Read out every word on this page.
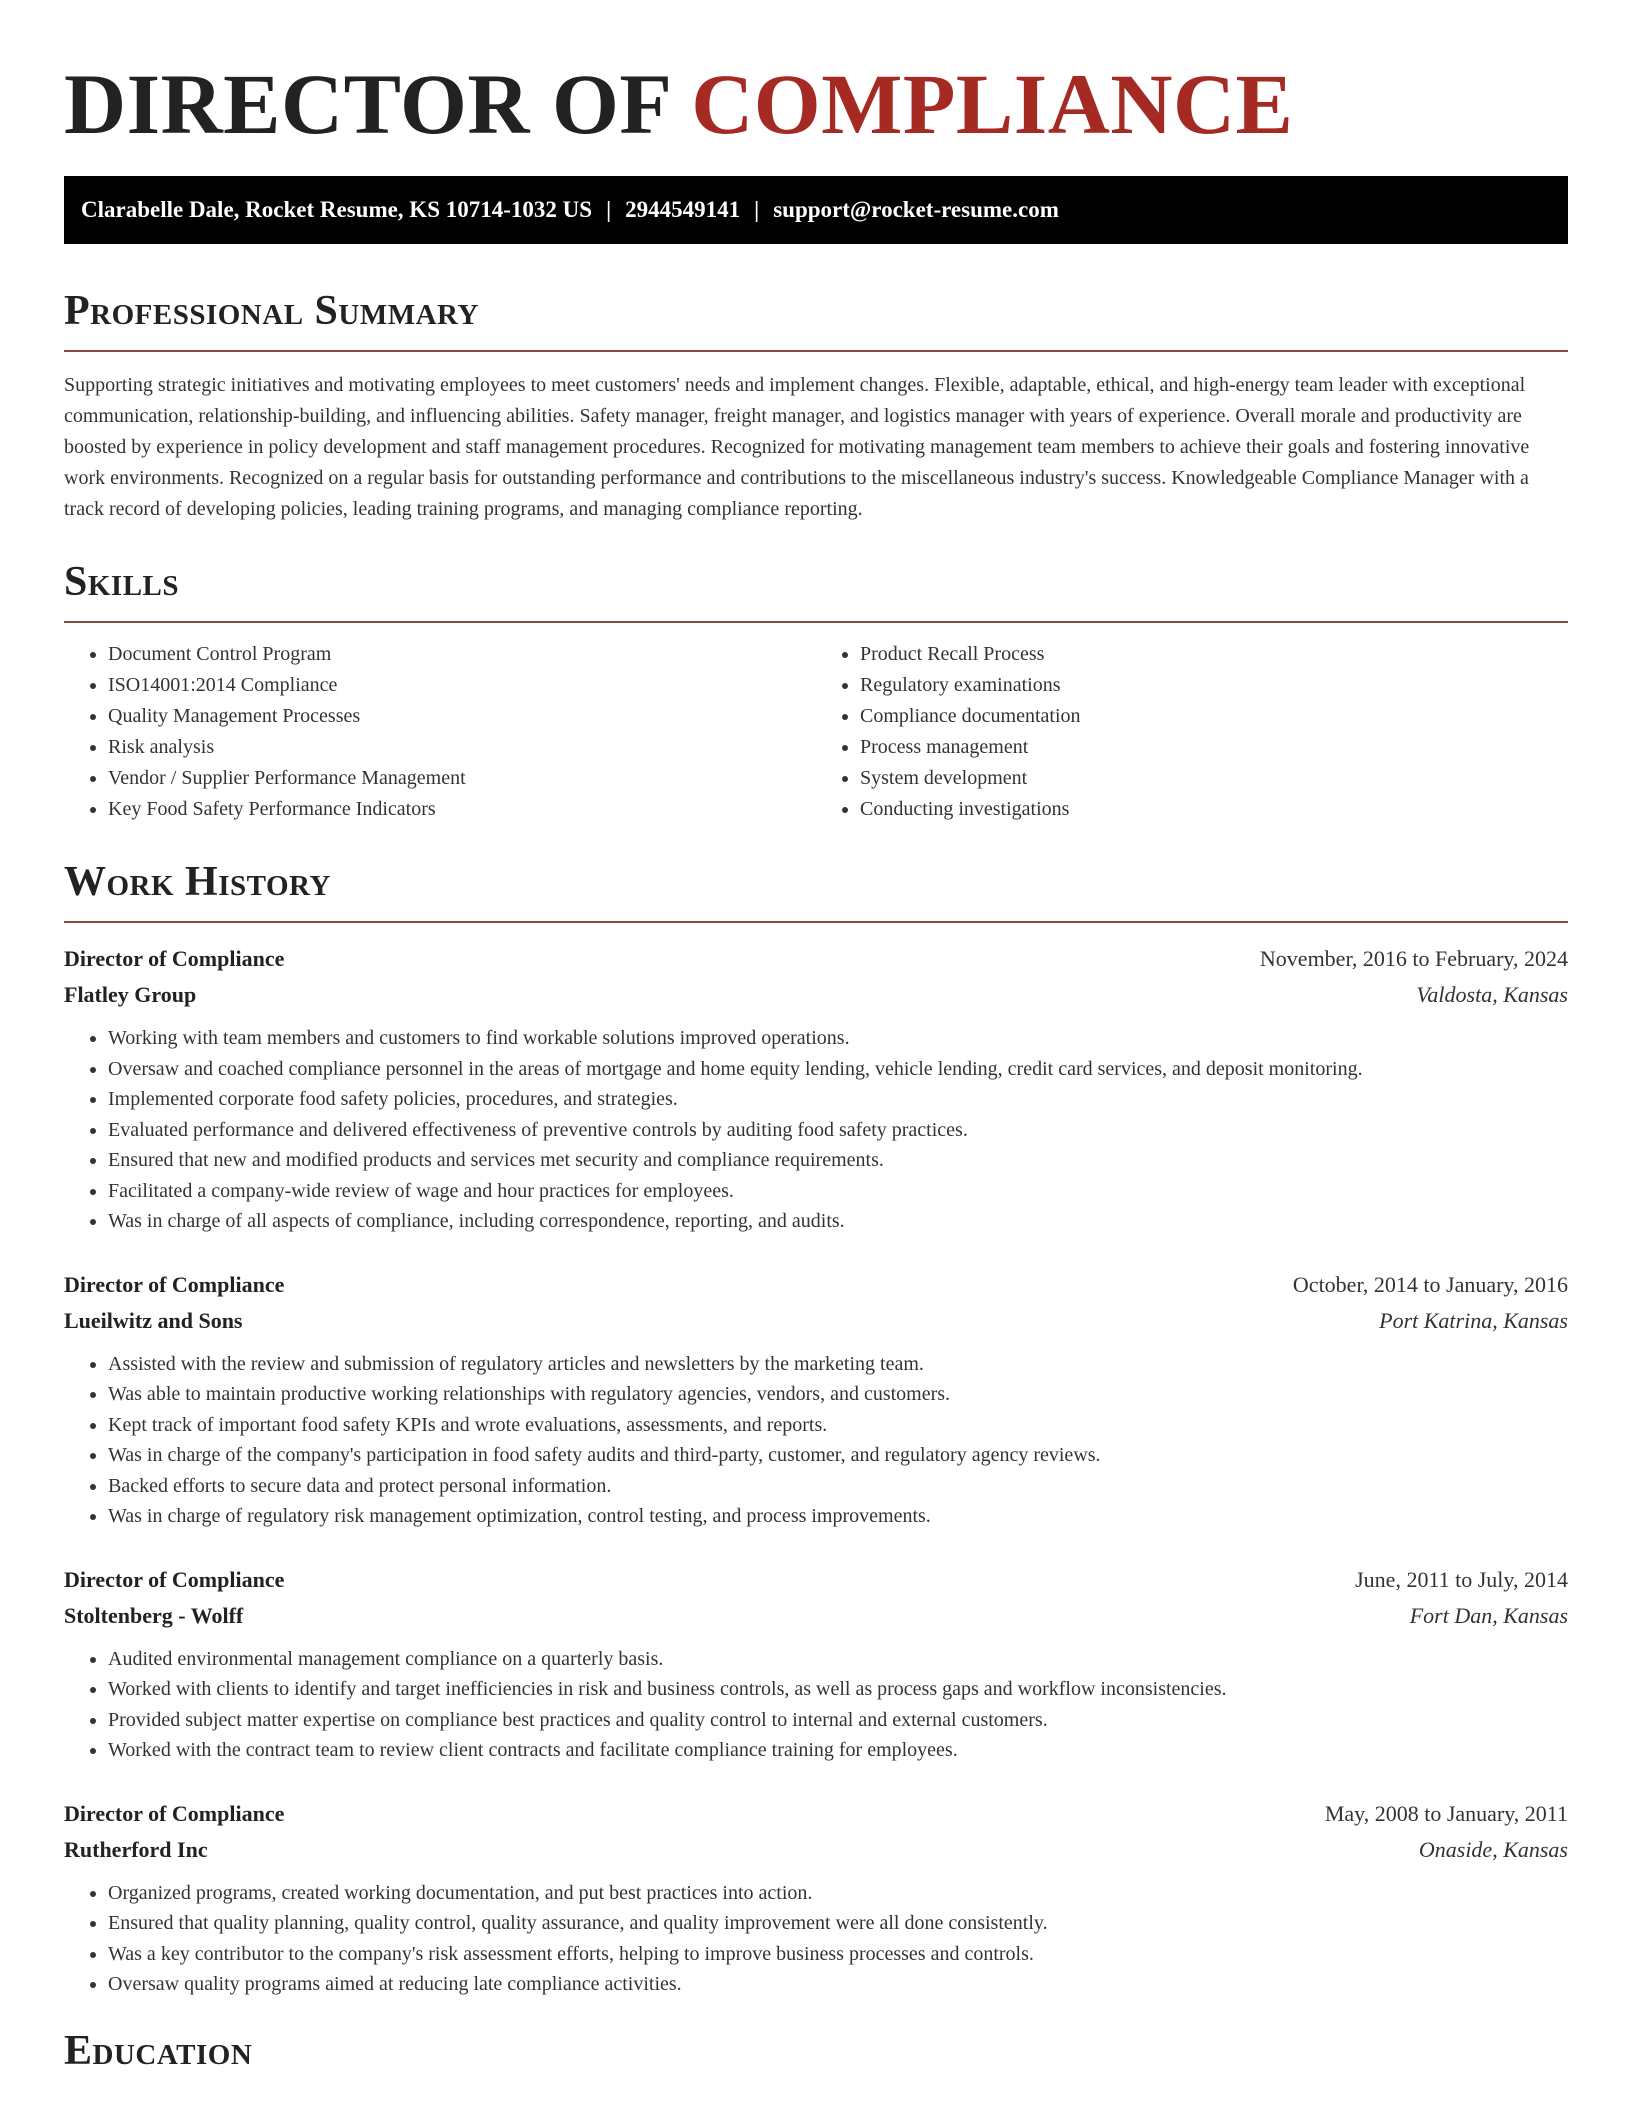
DIRECTOR OF COMPLIANCE
Clarabelle Dale, Rocket Resume, KS 10714-1032 US | 2944549141 | support@rocket-resume.com
Professional Summary

Supporting strategic initiatives and motivating employees to meet customers' needs and implement changes. Flexible, adaptable, ethical, and high-energy team leader with exceptional communication, relationship-building, and influencing abilities. Safety manager, freight manager, and logistics manager with years of experience. Overall morale and productivity are boosted by experience in policy development and staff management procedures. Recognized for motivating management team members to achieve their goals and fostering innovative work environments. Recognized on a regular basis for outstanding performance and contributions to the miscellaneous industry's success. Knowledgeable Compliance Manager with a track record of developing policies, leading training programs, and managing compliance reporting.

Skills
• Document Control Program
• ISO14001:2014 Compliance
• Quality Management Processes
• Risk analysis
• Vendor / Supplier Performance Management
• Key Food Safety Performance Indicators
• Product Recall Process
• Regulatory examinations
• Compliance documentation
• Process management
• System development
• Conducting investigations
Work History
Director of Compliance	November, 2016 to February, 2024
Flatley Group	Valdosta, Kansas
• Working with team members and customers to find workable solutions improved operations.
• Oversaw and coached compliance personnel in the areas of mortgage and home equity lending, vehicle lending, credit card services, and deposit monitoring.
• Implemented corporate food safety policies, procedures, and strategies.
• Evaluated performance and delivered effectiveness of preventive controls by auditing food safety practices.
• Ensured that new and modified products and services met security and compliance requirements.
• Facilitated a company-wide review of wage and hour practices for employees.
• Was in charge of all aspects of compliance, including correspondence, reporting, and audits.
Director of Compliance	October, 2014 to January, 2016
Lueilwitz and Sons	Port Katrina, Kansas
• Assisted with the review and submission of regulatory articles and newsletters by the marketing team.
• Was able to maintain productive working relationships with regulatory agencies, vendors, and customers.
• Kept track of important food safety KPIs and wrote evaluations, assessments, and reports.
• Was in charge of the company's participation in food safety audits and third-party, customer, and regulatory agency reviews.
• Backed efforts to secure data and protect personal information.
• Was in charge of regulatory risk management optimization, control testing, and process improvements.
Director of Compliance	June, 2011 to July, 2014
Stoltenberg - Wolff	Fort Dan, Kansas
• Audited environmental management compliance on a quarterly basis.
• Worked with clients to identify and target inefficiencies in risk and business controls, as well as process gaps and workflow inconsistencies.
• Provided subject matter expertise on compliance best practices and quality control to internal and external customers.
• Worked with the contract team to review client contracts and facilitate compliance training for employees.
Director of Compliance	May, 2008 to January, 2011
Rutherford Inc	Onaside, Kansas
• Organized programs, created working documentation, and put best practices into action.
• Ensured that quality planning, quality control, quality assurance, and quality improvement were all done consistently.
• Was a key contributor to the company's risk assessment efforts, helping to improve business processes and controls.
• Oversaw quality programs aimed at reducing late compliance activities.
Education
